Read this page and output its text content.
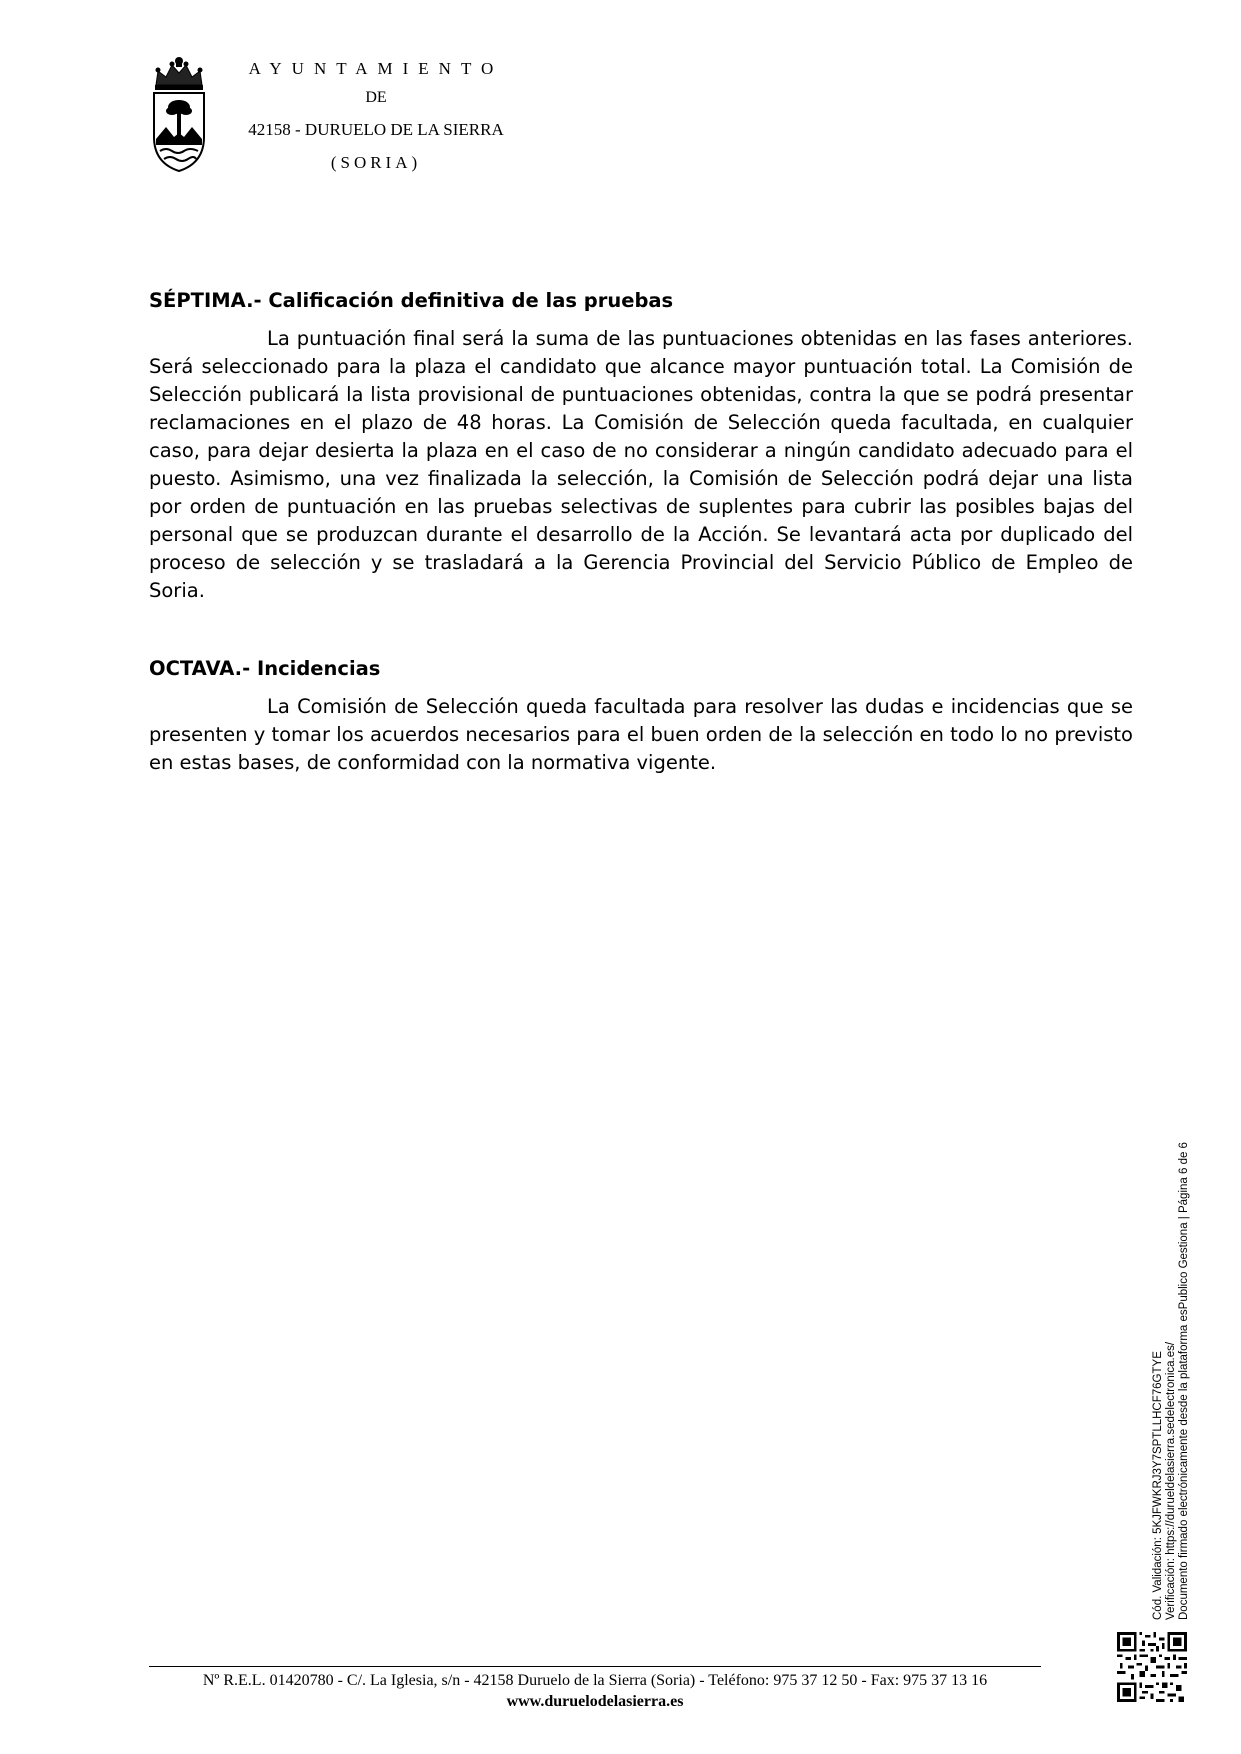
AYUNTAMIENTO
DE
42158 - DURUELO DE LA SIERRA
(SORIA)
SÉPTIMA.- Calificación definitiva de las pruebas

La puntuación final será la suma de las puntuaciones obtenidas en las fases anteriores. Será seleccionado para la plaza el candidato que alcance mayor puntuación total. La Comisión de Selección publicará la lista provisional de puntuaciones obtenidas, contra la que se podrá presentar reclamaciones en el plazo de 48 horas. La Comisión de Selección queda facultada, en cualquier caso, para dejar desierta la plaza en el caso de no considerar a ningún candidato adecuado para el puesto. Asimismo, una vez finalizada la selección, la Comisión de Selección podrá dejar una lista por orden de puntuación en las pruebas selectivas de suplentes para cubrir las posibles bajas del personal que se produzcan durante el desarrollo de la Acción. Se levantará acta por duplicado del proceso de selección y se trasladará a la Gerencia Provincial del Servicio Público de Empleo de Soria.

OCTAVA.- Incidencias

La Comisión de Selección queda facultada para resolver las dudas e incidencias que se presenten y tomar los acuerdos necesarios para el buen orden de la selección en todo lo no previsto en estas bases, de conformidad con la normativa vigente.

Cód. Validación: 5KJFWKRJ3Y7SPTLLHCF76GTYE Verificación: https://durueldelasierra.sedelectronica.es/ Documento firmado electrónicamente desde la plataforma esPublico Gestiona | Página 6 de 6
Nº R.E.L. 01420780 - C/. La Iglesia, s/n - 42158 Duruelo de la Sierra (Soria) - Teléfono: 975 37 12 50 - Fax: 975 37 13 16
www.duruelodelasierra.es
